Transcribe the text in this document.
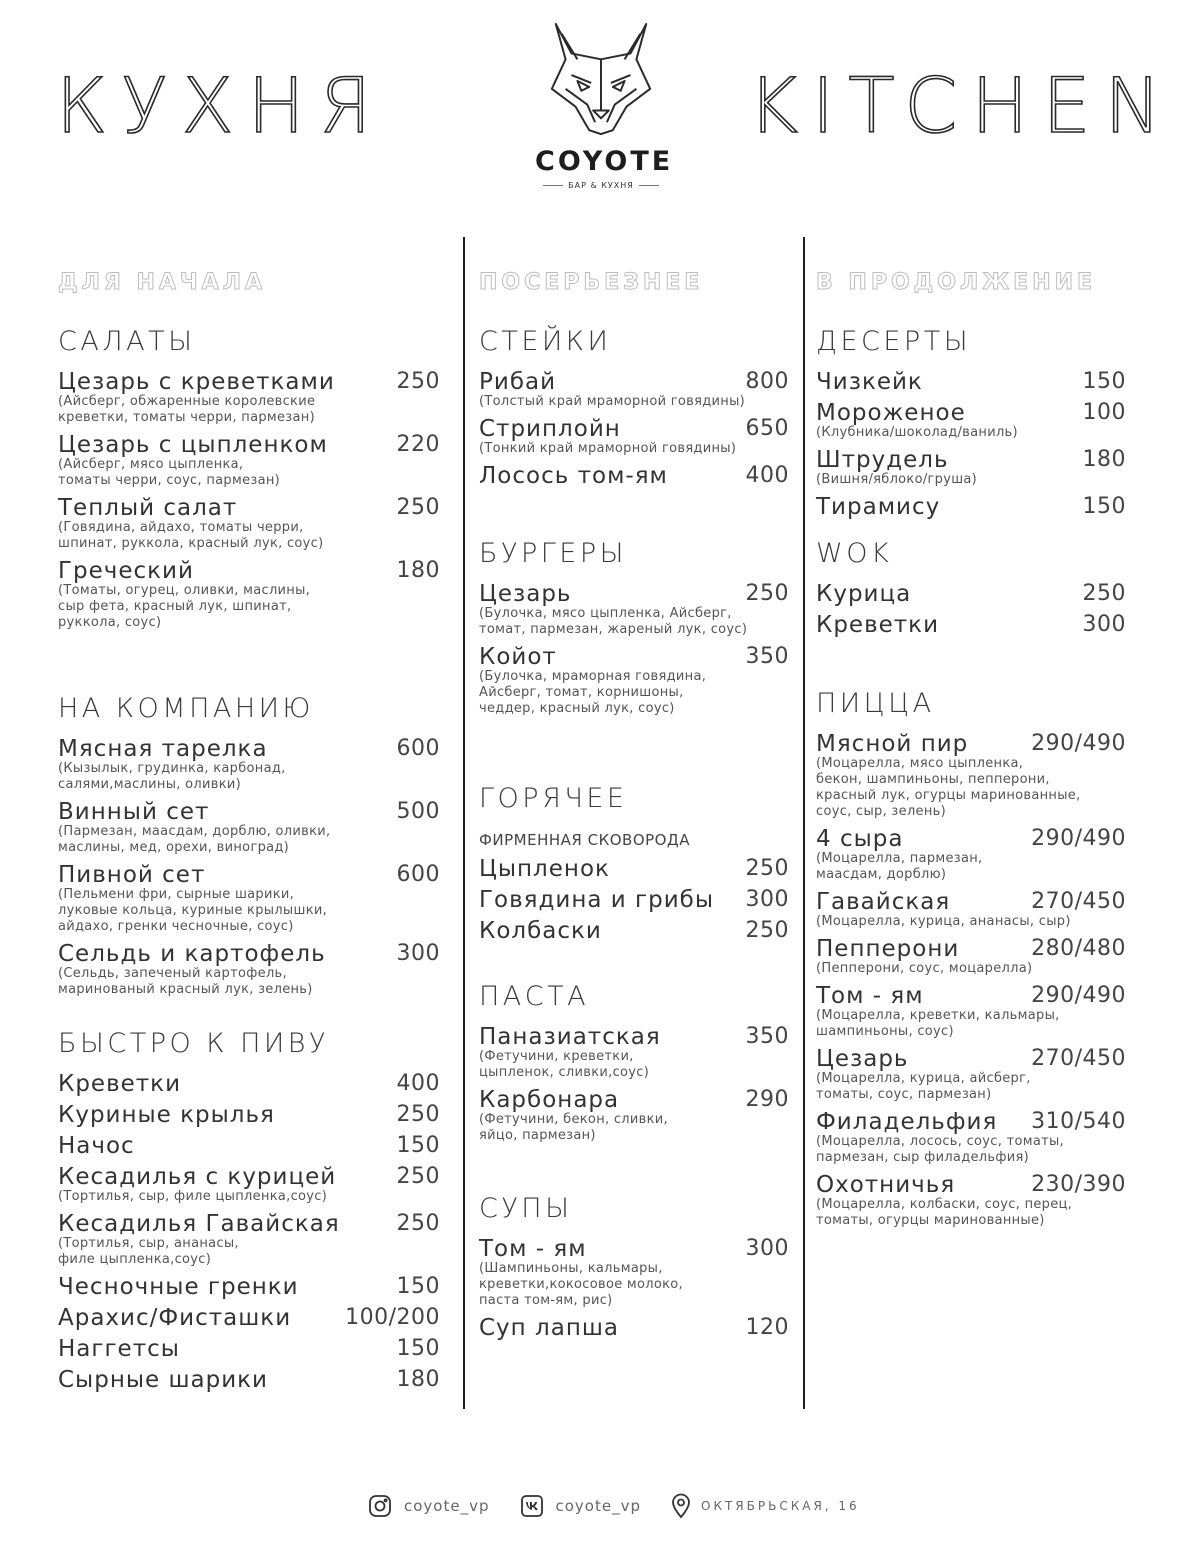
КУХНЯ	KITCHEN
COYOTE
БАР & КУХНЯ
ДЛЯ НАЧАЛА
САЛАТЫ
Цезарь с креветками	250
(Айсберг, обжаренные королевские
креветки, томаты черри, пармезан)
Цезарь с цыпленком	220
(Айсберг, мясо цыпленка,
томаты черри, соус, пармезан)
Теплый салат	250
(Говядина, айдахо, томаты черри,
шпинат, руккола, красный лук, соус)
Греческий	180
(Томаты, огурец, оливки, маслины,
сыр фета, красный лук, шпинат,
руккола, соус)
НА КОМПАНИЮ
Мясная тарелка	600
(Кызылык, грудинка, карбонад,
салями,маслины, оливки)
Винный сет	500
(Пармезан, маасдам, дорблю, оливки,
маслины, мед, орехи, виноград)
Пивной сет	600
(Пельмени фри, сырные шарики,
луковые кольца, куриные крылышки,
айдахо, гренки чесночные, соус)
Сельдь и картофель	300
(Сельдь, запеченый картофель,
маринованый красный лук, зелень)
БЫСТРО К ПИВУ
Креветки	400
Куриные крылья	250
Начос	150
Кесадилья с курицей	250
(Тортилья, сыр, филе цыпленка,соус)
Кесадилья Гавайская	250
(Тортилья, сыр, ананасы,
филе цыпленка,соус)
Чесночные гренки	150
Арахис/Фисташки	100/200
Наггетсы	150
Сырные шарики	180
ПОСЕРЬЕЗНЕЕ
СТЕЙКИ
Рибай	800
(Толстый край мраморной говядины)
Стриплойн	650
(Тонкий край мраморной говядины)
Лосось том-ям	400
БУРГЕРЫ
Цезарь	250
(Булочка, мясо цыпленка, Айсберг,
томат, пармезан, жареный лук, соус)
Койот	350
(Булочка, мраморная говядина,
Айсберг, томат, корнишоны,
чеддер, красный лук, соус)
ГОРЯЧЕЕ
ФИРМЕННАЯ СКОВОРОДА
Цыпленок	250
Говядина и грибы	300
Колбаски	250
ПАСТА
Паназиатская	350
(Фетучини, креветки,
цыпленок, сливки,соус)
Карбонара	290
(Фетучини, бекон, сливки,
яйцо, пармезан)
СУПЫ
Том - ям	300
(Шампиньоны, кальмары,
креветки,кокосовое молоко,
паста том-ям, рис)
Суп лапша	120
В ПРОДОЛЖЕНИЕ
ДЕСЕРТЫ
Чизкейк	150
Мороженое	100
(Клубника/шоколад/ваниль)
Штрудель	180
(Вишня/яблоко/груша)
Тирамису	150
WOK
Курица	250
Креветки	300
ПИЦЦА
Мясной пир	290/490
(Моцарелла, мясо цыпленка,
бекон, шампиньоны, пепперони,
красный лук, огурцы маринованные,
соус, сыр, зелень)
4 сыра	290/490
(Моцарелла, пармезан,
маасдам, дорблю)
Гавайская	270/450
(Моцарелла, курица, ананасы, сыр)
Пепперони	280/480
(Пепперони, соус, моцарелла)
Том - ям	290/490
(Моцарелла, креветки, кальмары,
шампиньоны, соус)
Цезарь	270/450
(Моцарелла, курица, айсберг,
томаты, соус, пармезан)
Филадельфия	310/540
(Моцарелла, лосось, соус, томаты,
пармезан, сыр филадельфия)
Охотничья	230/390
(Моцарелла, колбаски, соус, перец,
томаты, огурцы маринованные)
coyote_vp	coyote_vp	ОКТЯБРЬСКАЯ, 16
